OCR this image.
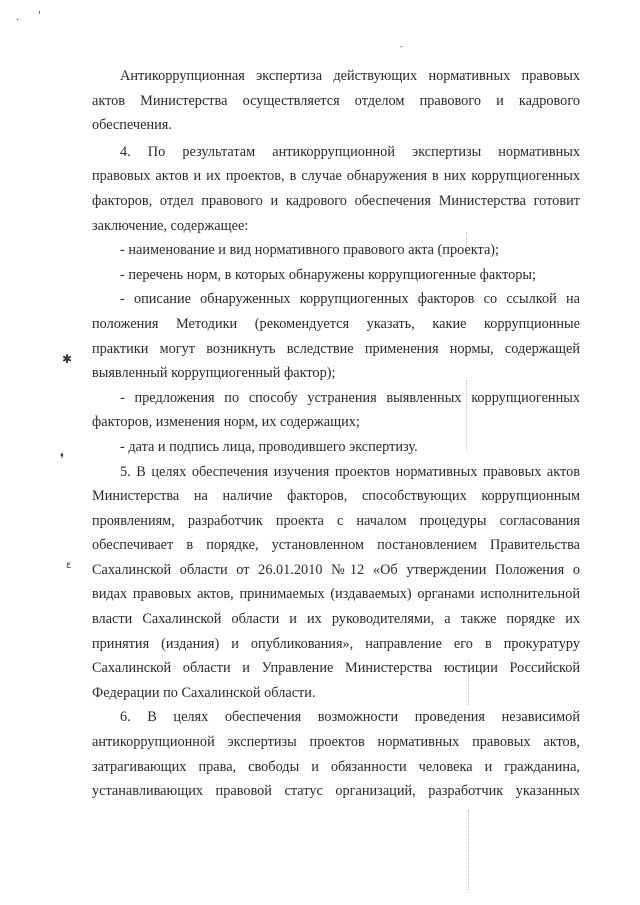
. '
✱
❜
ɛ
-

Антикоррупционная экспертиза действующих нормативных правовых

актов Министерства осуществляется отделом правового и кадрового

обеспечения.

4. По результатам антикоррупционной экспертизы нормативных

правовых актов и их проектов, в случае обнаружения в них коррупциогенных

факторов, отдел правового и кадрового обеспечения Министерства готовит

заключение, содержащее:

- наименование и вид нормативного правового акта (проекта);

- перечень норм, в которых обнаружены коррупциогенные факторы;

- описание обнаруженных коррупциогенных факторов со ссылкой на

положения Методики (рекомендуется указать, какие коррупционные

практики могут возникнуть вследствие применения нормы, содержащей

выявленный коррупциогенный фактор);

- предложения по способу устранения выявленных коррупциогенных

факторов, изменения норм, их содержащих;

- дата и подпись лица, проводившего экспертизу.

5. В целях обеспечения изучения проектов нормативных правовых актов

Министерства на наличие факторов, способствующих коррупционным

проявлениям, разработчик проекта с началом процедуры согласования

обеспечивает в порядке, установленном постановлением Правительства

Сахалинской области от 26.01.2010 №12 «Об утверждении Положения о

видах правовых актов, принимаемых (издаваемых) органами исполнительной

власти Сахалинской области и их руководителями, а также порядке их

принятия (издания) и опубликования», направление его в прокуратуру

Сахалинской области и Управление Министерства юстиции Российской

Федерации по Сахалинской области.

6. В целях обеспечения возможности проведения независимой

антикоррупционной экспертизы проектов нормативных правовых актов,

затрагивающих права, свободы и обязанности человека и гражданина,

устанавливающих правовой статус организаций, разработчик указанных
